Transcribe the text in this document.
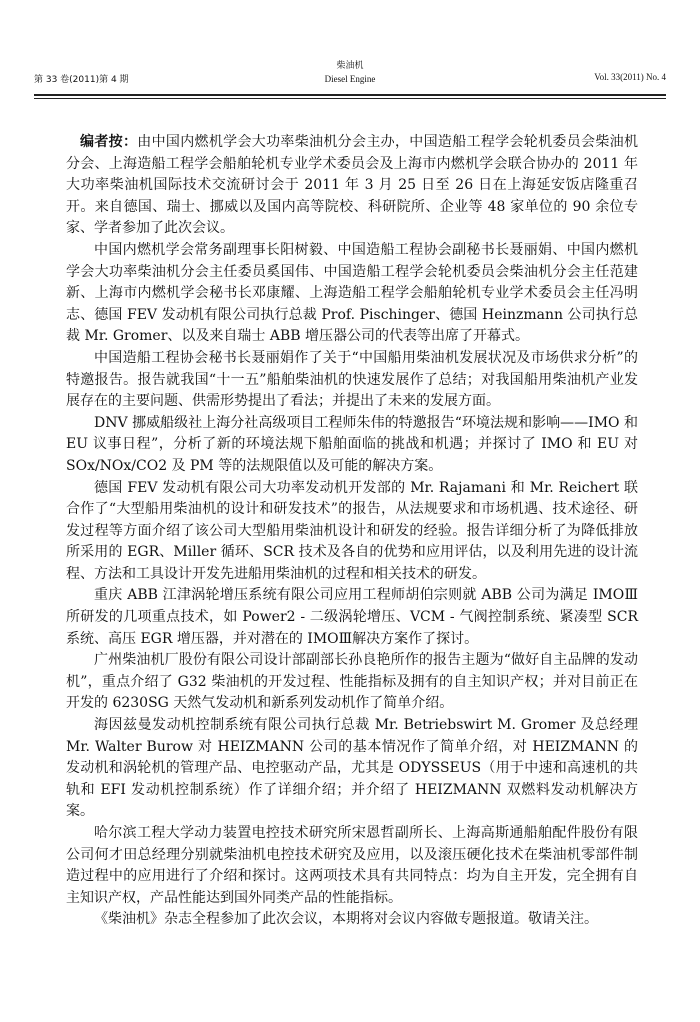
第 33 卷(2011)第 4 期
柴油机
Diesel Engine	Vol. 33(2011) No. 4

编者按：由中国内燃机学会大功率柴油机分会主办，中国造船工程学会轮机委员会柴油机分会、上海造船工程学会船舶轮机专业学术委员会及上海市内燃机学会联合协办的 2011 年大功率柴油机国际技术交流研讨会于 2011 年 3 月 25 日至 26 日在上海延安饭店隆重召开。来自德国、瑞士、挪威以及国内高等院校、科研院所、企业等 48 家单位的 90 余位专家、学者参加了此次会议。

中国内燃机学会常务副理事长阳树毅、中国造船工程协会副秘书长聂丽娟、中国内燃机学会大功率柴油机分会主任委员奚国伟、中国造船工程学会轮机委员会柴油机分会主任范建新、上海市内燃机学会秘书长邓康耀、上海造船工程学会船舶轮机专业学术委员会主任冯明志、德国 FEV 发动机有限公司执行总裁 Prof. Pischinger、德国 Heinzmann 公司执行总裁 Mr. Gromer、以及来自瑞士 ABB 增压器公司的代表等出席了开幕式。

中国造船工程协会秘书长聂丽娟作了关于“中国船用柴油机发展状况及市场供求分析”的特邀报告。报告就我国“十一五”船舶柴油机的快速发展作了总结；对我国船用柴油机产业发展存在的主要问题、供需形势提出了看法；并提出了未来的发展方面。

DNV 挪威船级社上海分社高级项目工程师朱伟的特邀报告“环境法规和影响——IMO 和 EU 议事日程”，分析了新的环境法规下船舶面临的挑战和机遇；并探讨了 IMO 和 EU 对 SOx/NOx/CO2 及 PM 等的法规限值以及可能的解决方案。

德国 FEV 发动机有限公司大功率发动机开发部的 Mr. Rajamani 和 Mr. Reichert 联合作了“大型船用柴油机的设计和研发技术”的报告，从法规要求和市场机遇、技术途径、研发过程等方面介绍了该公司大型船用柴油机设计和研发的经验。报告详细分析了为降低排放所采用的 EGR、Miller 循环、SCR 技术及各自的优势和应用评估，以及利用先进的设计流程、方法和工具设计开发先进船用柴油机的过程和相关技术的研发。

重庆 ABB 江津涡轮增压系统有限公司应用工程师胡伯宗则就 ABB 公司为满足 IMOⅢ所研发的几项重点技术，如 Power2 - 二级涡轮增压、VCM - 气阀控制系统、紧凑型 SCR 系统、高压 EGR 增压器，并对潜在的 IMOⅢ解决方案作了探讨。

广州柴油机厂股份有限公司设计部副部长孙良艳所作的报告主题为“做好自主品牌的发动机”，重点介绍了 G32 柴油机的开发过程、性能指标及拥有的自主知识产权；并对目前正在开发的 6230SG 天然气发动机和新系列发动机作了简单介绍。

海因兹曼发动机控制系统有限公司执行总裁 Mr. Betriebswirt M. Gromer 及总经理 Mr. Walter Burow 对 HEIZMANN 公司的基本情况作了简单介绍，对 HEIZMANN 的发动机和涡轮机的管理产品、电控驱动产品，尤其是 ODYSSEUS（用于中速和高速机的共轨和 EFI 发动机控制系统）作了详细介绍；并介绍了 HEIZMANN 双燃料发动机解决方案。

哈尔滨工程大学动力装置电控技术研究所宋恩哲副所长、上海高斯通船舶配件股份有限公司何才田总经理分别就柴油机电控技术研究及应用，以及滚压硬化技术在柴油机零部件制造过程中的应用进行了介绍和探讨。这两项技术具有共同特点：均为自主开发，完全拥有自主知识产权，产品性能达到国外同类产品的性能指标。

《柴油机》杂志全程参加了此次会议，本期将对会议内容做专题报道。敬请关注。
